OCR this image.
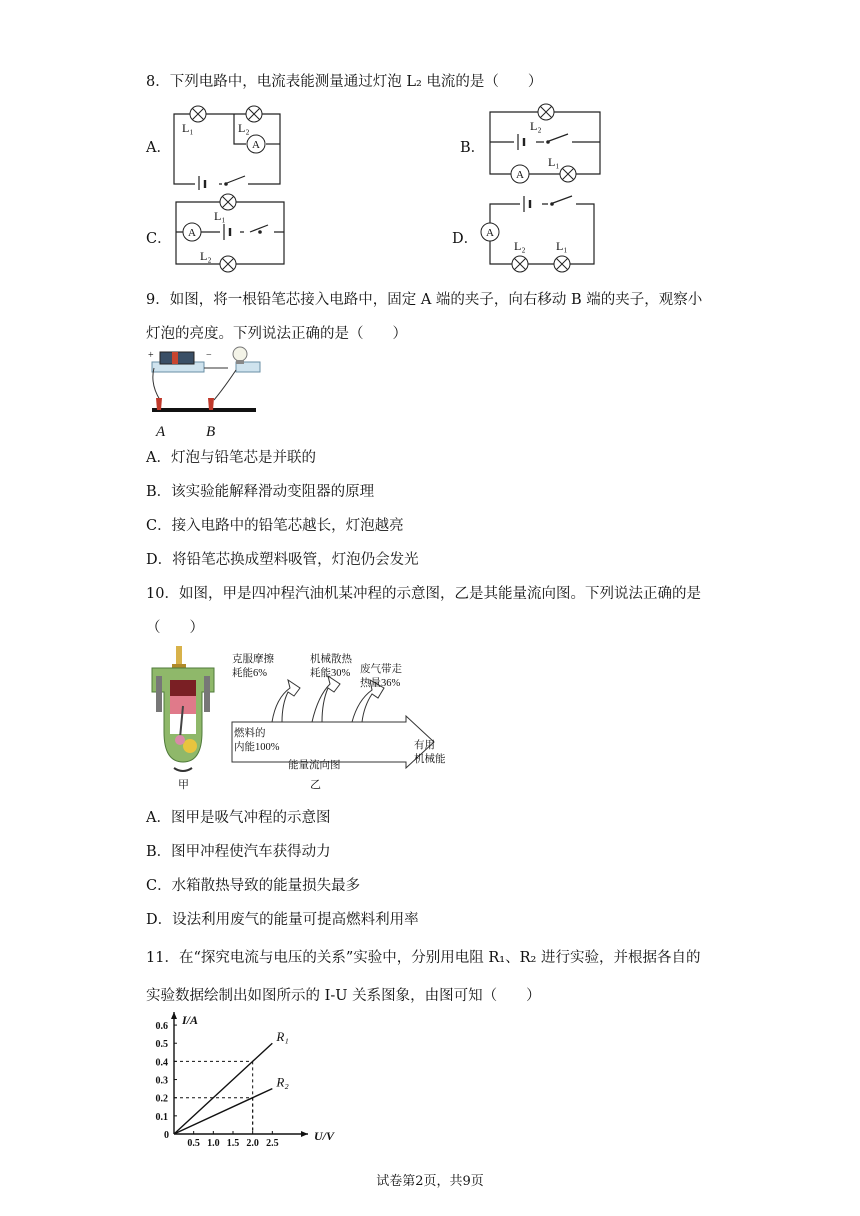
8．下列电路中，电流表能测量通过灯泡 L₂ 电流的是（　　）
A．	A
L₁	L₂
B．
A
L₂
L₁
C． A
L₁
L₂
D． A
L₂	L₁
9．如图，将一根铅笔芯接入电路中，固定 A 端的夹子，向右移动 B 端的夹子，观察小
灯泡的亮度。下列说法正确的是（　　）
+	−
A	B
A．灯泡与铅笔芯是并联的
B．该实验能解释滑动变阻器的原理
C．接入电路中的铅笔芯越长，灯泡越亮
D．将铅笔芯换成塑料吸管，灯泡仍会发光
10．如图，甲是四冲程汽油机某冲程的示意图，乙是其能量流向图。下列说法正确的是
（　　）
甲
克服摩擦
耗能6%
机械散热
耗能30% 废气带走
热量36%
燃料的
内能100%	有用
机械能
能量流向图
乙
A．图甲是吸气冲程的示意图
B．图甲冲程使汽车获得动力
C．水箱散热导致的能量损失最多
D．设法利用废气的能量可提高燃料利用率
11．在“探究电流与电压的关系”实验中，分别用电阻 R₁、R₂ 进行实验，并根据各自的
实验数据绘制出如图所示的 I-U 关系图象，由图可知（　　）
I/A
U/V
0
0.5 1.0 1.5 2.0 2.5
0.1
0.2
0.3
0.4
0.5
0.6
R₁
R₂
试卷第2页，共9页
